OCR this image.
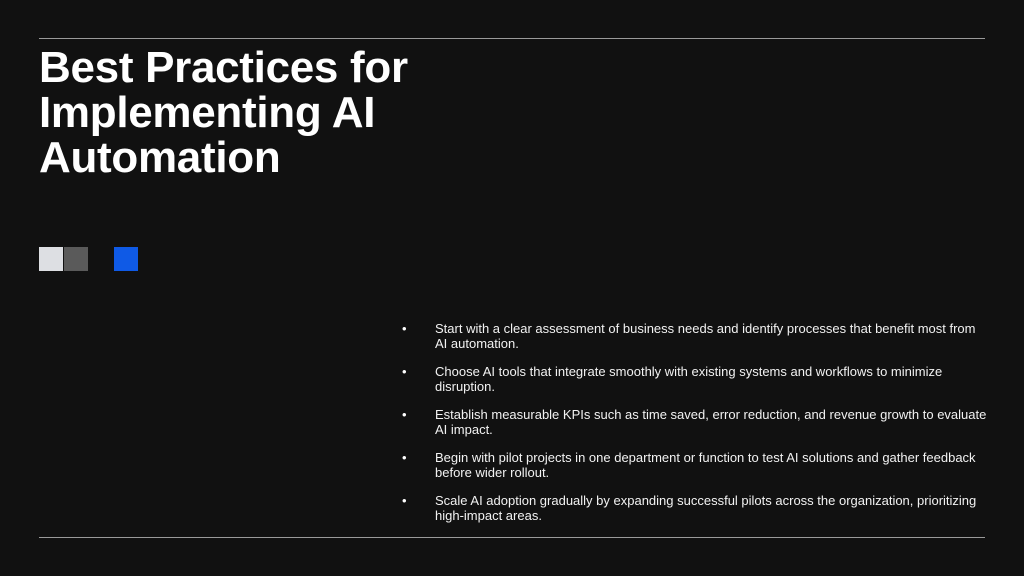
Best Practices for Implementing AI Automation
• Start with a clear assessment of business needs and identify processes that benefit most from AI automation.
• Choose AI tools that integrate smoothly with existing systems and workflows to minimize disruption.
• Establish measurable KPIs such as time saved, error reduction, and revenue growth to evaluate AI impact.
• Begin with pilot projects in one department or function to test AI solutions and gather feedback before wider rollout.
• Scale AI adoption gradually by expanding successful pilots across the organization, prioritizing high-impact areas.
